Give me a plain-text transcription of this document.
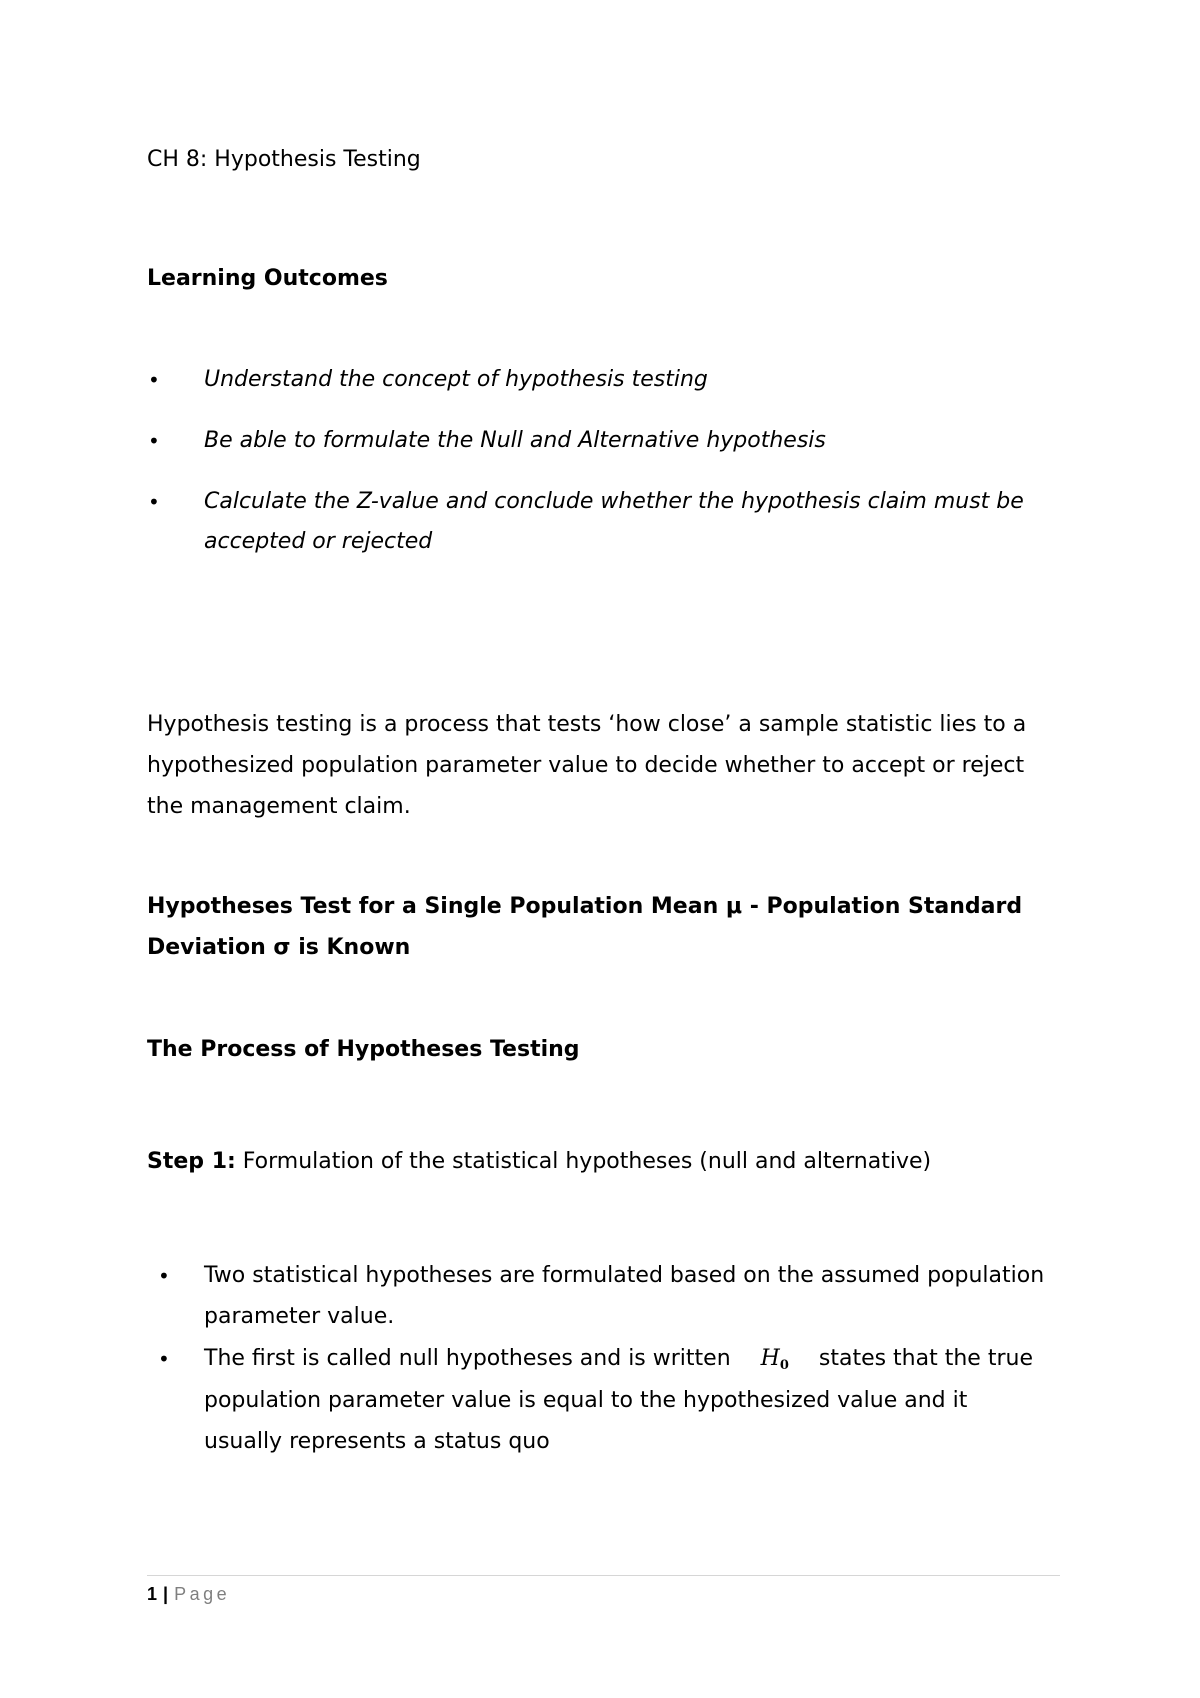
CH 8: Hypothesis Testing
Learning Outcomes
• Understand the concept of hypothesis testing
• Be able to formulate the Null and Alternative hypothesis
• Calculate the Z-value and conclude whether the hypothesis claim must be
accepted or rejected
Hypothesis testing is a process that tests ‘how close’ a sample statistic lies to a
hypothesized population parameter value to decide whether to accept or reject
the management claim.
Hypotheses Test for a Single Population Mean μ - Population Standard
Deviation σ is Known
The Process of Hypotheses Testing
Step 1: Formulation of the statistical hypotheses (null and alternative)
• Two statistical hypotheses are formulated based on the assumed population
parameter value.
• The first is called null hypotheses and is written $H_0$ states that the true
population parameter value is equal to the hypothesized value and it
usually represents a status quo
1 | Page
